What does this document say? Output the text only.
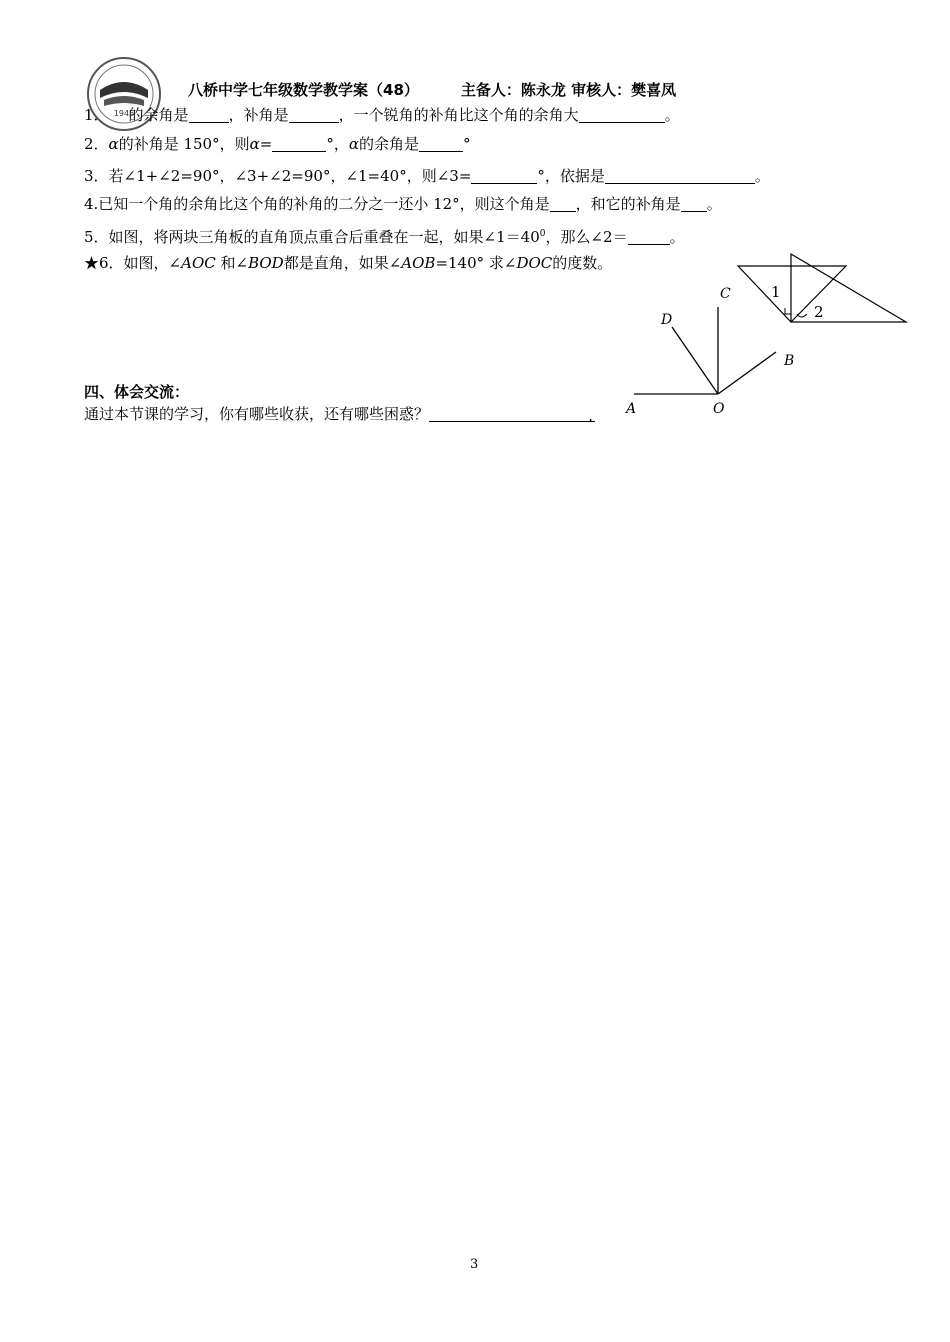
八桥中学七年级数学教学案（48）	主备人：陈永龙 审核人：樊喜凤
1945
1． 的余角是	，补角是	，一个锐角的补角比这个角的余角大	。
2．α的补角是 150°，则α=	°，α的余角是	°
3．若∠1+∠2=90°，∠3+∠2=90°，∠1=40°，则∠3=	°，依据是	。
4.已知一个角的余角比这个角的补角的二分之一还小 12°，则这个角是 ，和它的补角是 。
5．如图，将两块三角板的直角顶点重合后重叠在一起，如果$\angle 1=40^0$，那么∠2＝	。
★6．如图，∠AOC 和∠BOD都是直角，如果∠AOB=140° 求∠DOC的度数。
1
2
A
B
C
D
O
四、体会交流：
通过本节课的学习，你有哪些收获，还有哪些困惑？	.
3
